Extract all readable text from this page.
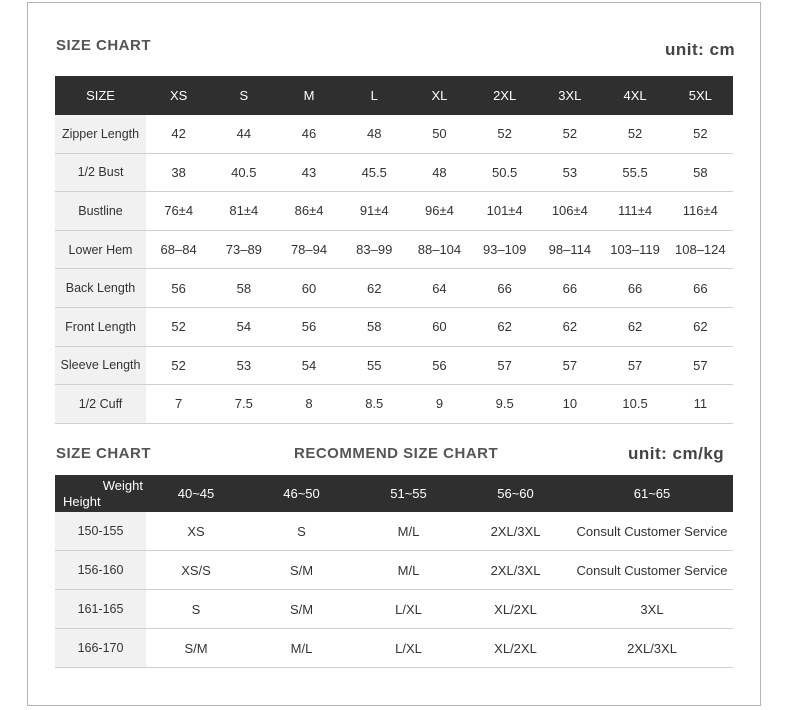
SIZE CHART	unit: cm
SIZE	XS	S	M	L	XL	2XL	3XL	4XL	5XL
Zipper Length	42	44	46	48	50	52	52	52	52
1/2 Bust	38	40.5	43	45.5	48	50.5	53	55.5	58
Bustline	76±4	81±4	86±4	91±4	96±4	101±4	106±4	111±4	116±4
Lower Hem	68–84	73–89	78–94	83–99	88–104	93–109	98–114	103–119	108–124
Back Length	56	58	60	62	64	66	66	66	66
Front Length	52	54	56	58	60	62	62	62	62
Sleeve Length	52	53	54	55	56	57	57	57	57
1/2 Cuff	7	7.5	8	8.5	9	9.5	10	10.5	11
SIZE CHART	RECOMMEND SIZE CHART	unit: cm/kg
Weight
Height	40~45	46~50	51~55	56~60	61~65
150-155	XS	S	M/L	2XL/3XL	Consult Customer Service
156-160	XS/S	S/M	M/L	2XL/3XL	Consult Customer Service
161-165	S	S/M	L/XL	XL/2XL	3XL
166-170	S/M	M/L	L/XL	XL/2XL	2XL/3XL
